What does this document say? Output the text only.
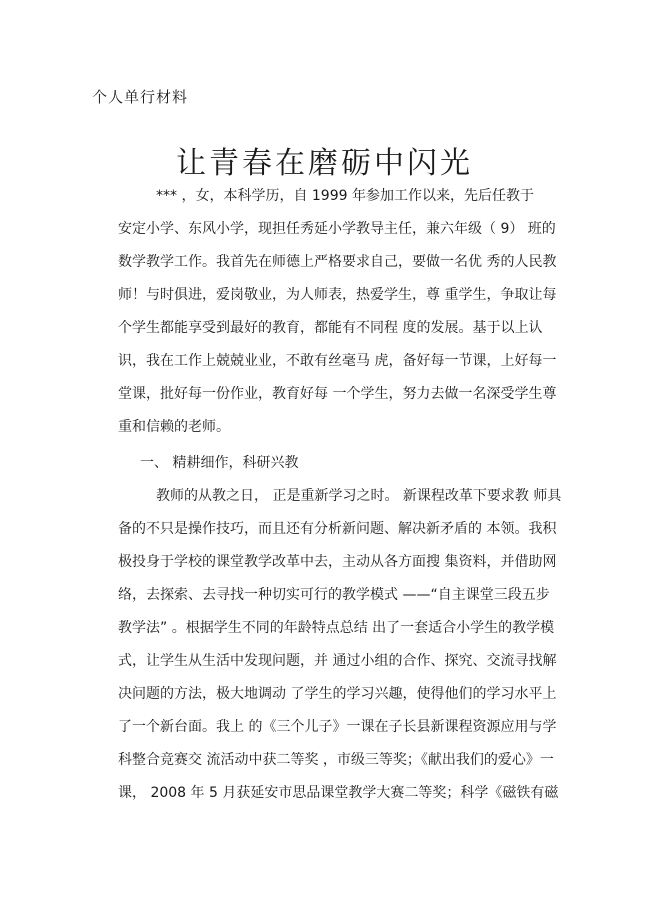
个人单行材料
让青春在磨砺中闪光
*** ，女，本科学历，自 1999 年参加工作以来，先后任教于
安定小学、东风小学，现担任秀延小学教导主任，兼六年级（ 9） 班的
数学教学工作。我首先在师德上严格要求自己，要做一名优 秀的人民教
师！与时俱进，爱岗敬业，为人师表，热爱学生，尊 重学生，争取让每
个学生都能享受到最好的教育，都能有不同程 度的发展。基于以上认
识，我在工作上兢兢业业，不敢有丝毫马 虎，备好每一节课，上好每一
堂课，批好每一份作业，教育好每 一个学生，努力去做一名深受学生尊
重和信赖的老师。
一、 精耕细作，科研兴教
教师的从教之日， 正是重新学习之时。 新课程改革下要求教 师具
备的不只是操作技巧，而且还有分析新问题、解决新矛盾的 本领。我积
极投身于学校的课堂教学改革中去，主动从各方面搜 集资料，并借助网
络，去探索、去寻找一种切实可行的教学模式 ——“自主课堂三段五步
教学法” 。根据学生不同的年龄特点总结 出了一套适合小学生的教学模
式，让学生从生活中发现问题，并 通过小组的合作、探究、交流寻找解
决问题的方法，极大地调动 了学生的学习兴趣，使得他们的学习水平上
了一个新台面。我上 的《三个儿子》一课在子长县新课程资源应用与学
科整合竞赛交 流活动中获二等奖 ，市级三等奖；《献出我们的爱心》一
课， 2008 年 5 月获延安市思品课堂教学大赛二等奖；科学《磁铁有磁
